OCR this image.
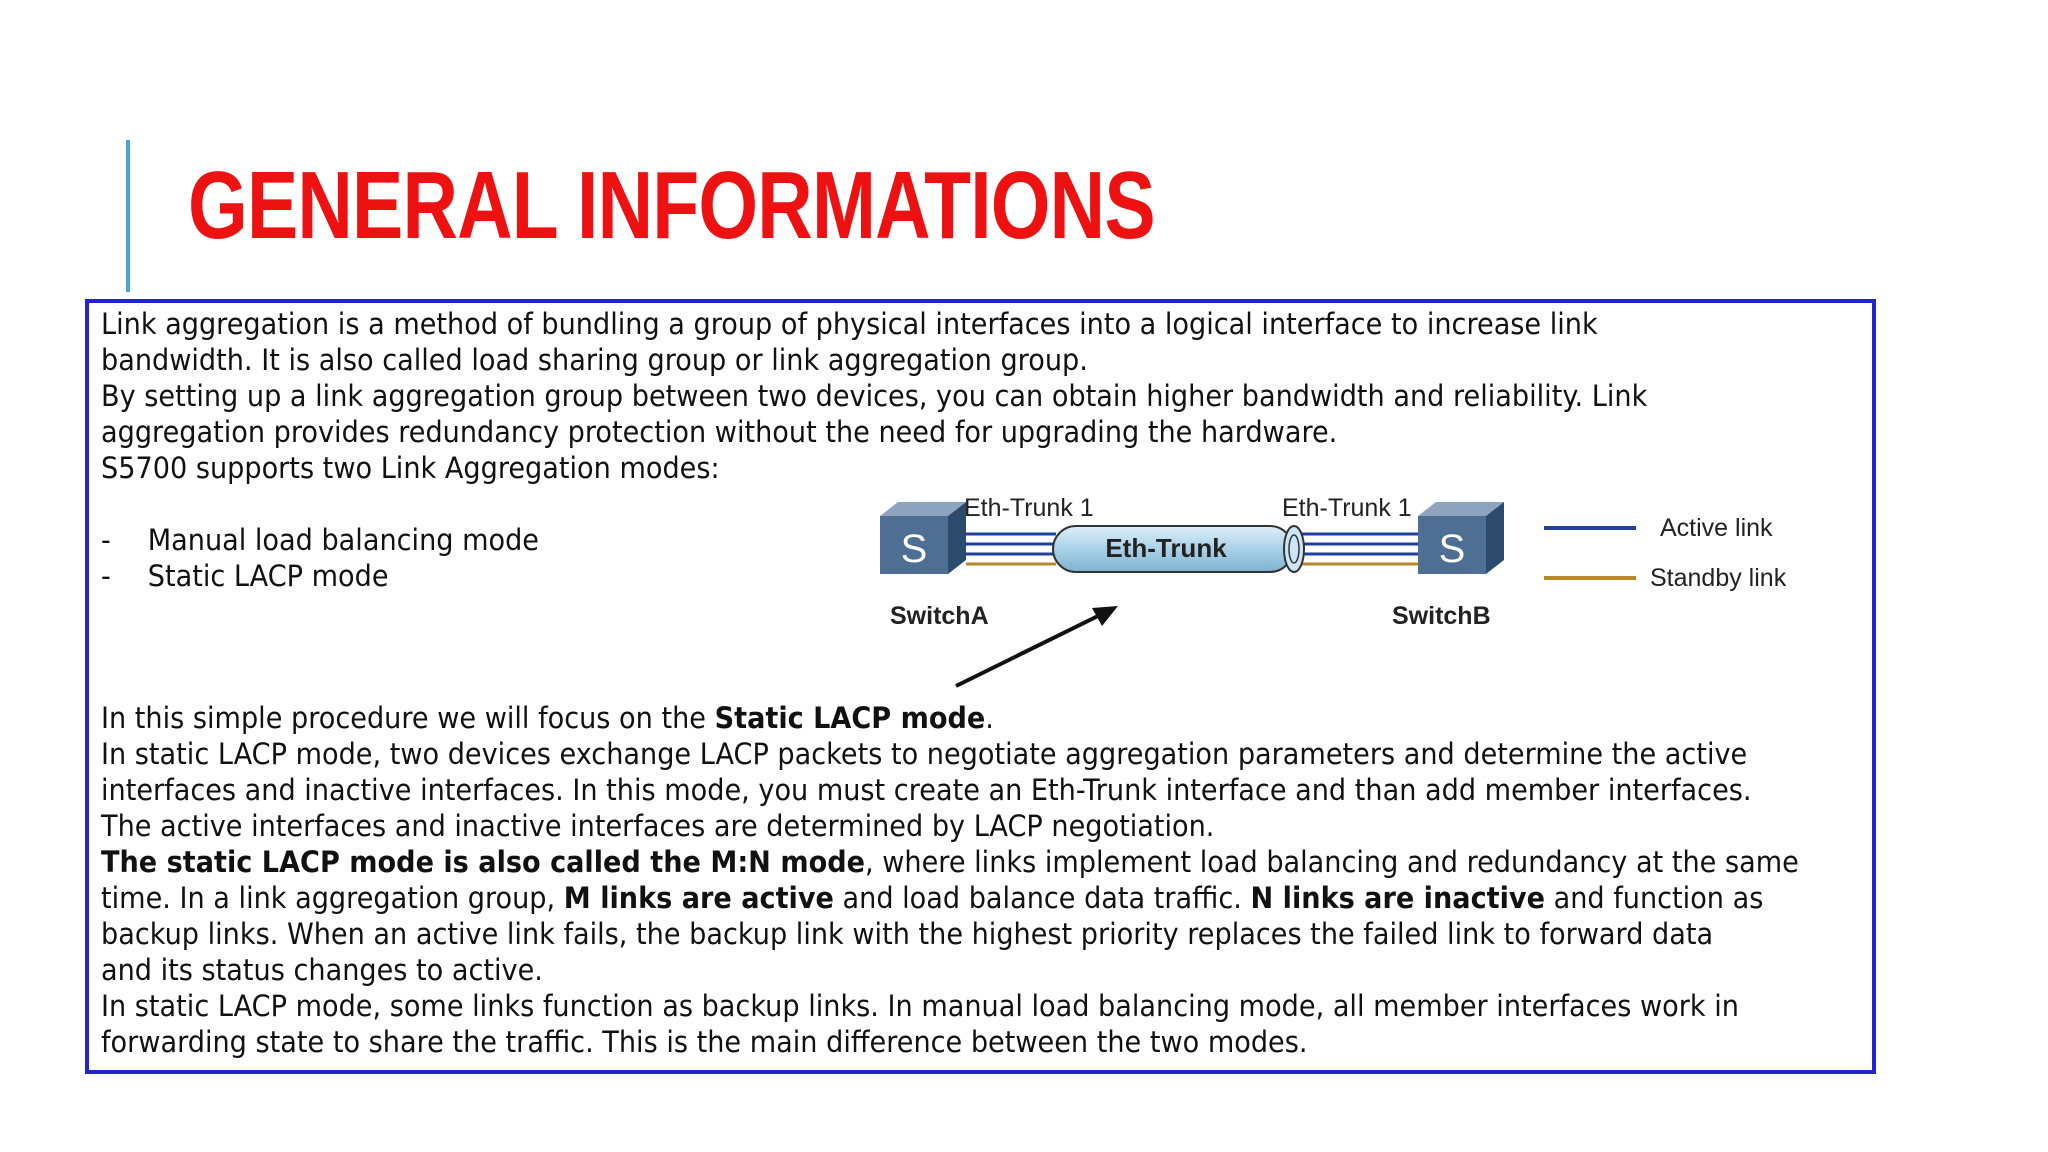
GENERAL INFORMATIONS
Link aggregation is a method of bundling a group of physical interfaces into a logical interface to increase link
bandwidth. It is also called load sharing group or link aggregation group.
By setting up a link aggregation group between two devices, you can obtain higher bandwidth and reliability. Link
aggregation provides redundancy protection without the need for upgrading the hardware.
S5700 supports two Link Aggregation modes:
- Manual load balancing mode
- Static LACP mode
In this simple procedure we will focus on the Static LACP mode.
In static LACP mode, two devices exchange LACP packets to negotiate aggregation parameters and determine the active
interfaces and inactive interfaces. In this mode, you must create an Eth-Trunk interface and than add member interfaces.
The active interfaces and inactive interfaces are determined by LACP negotiation.
The static LACP mode is also called the M:N mode, where links implement load balancing and redundancy at the same
time. In a link aggregation group, M links are active and load balance data traffic. N links are inactive and function as
backup links. When an active link fails, the backup link with the highest priority replaces the failed link to forward data
and its status changes to active.
In static LACP mode, some links function as backup links. In manual load balancing mode, all member interfaces work in
forwarding state to share the traffic. This is the main difference between the two modes.
Eth-Trunk
S	S
Eth-Trunk 1	Eth-Trunk 1
SwitchA	SwitchB
Active link
Standby link
